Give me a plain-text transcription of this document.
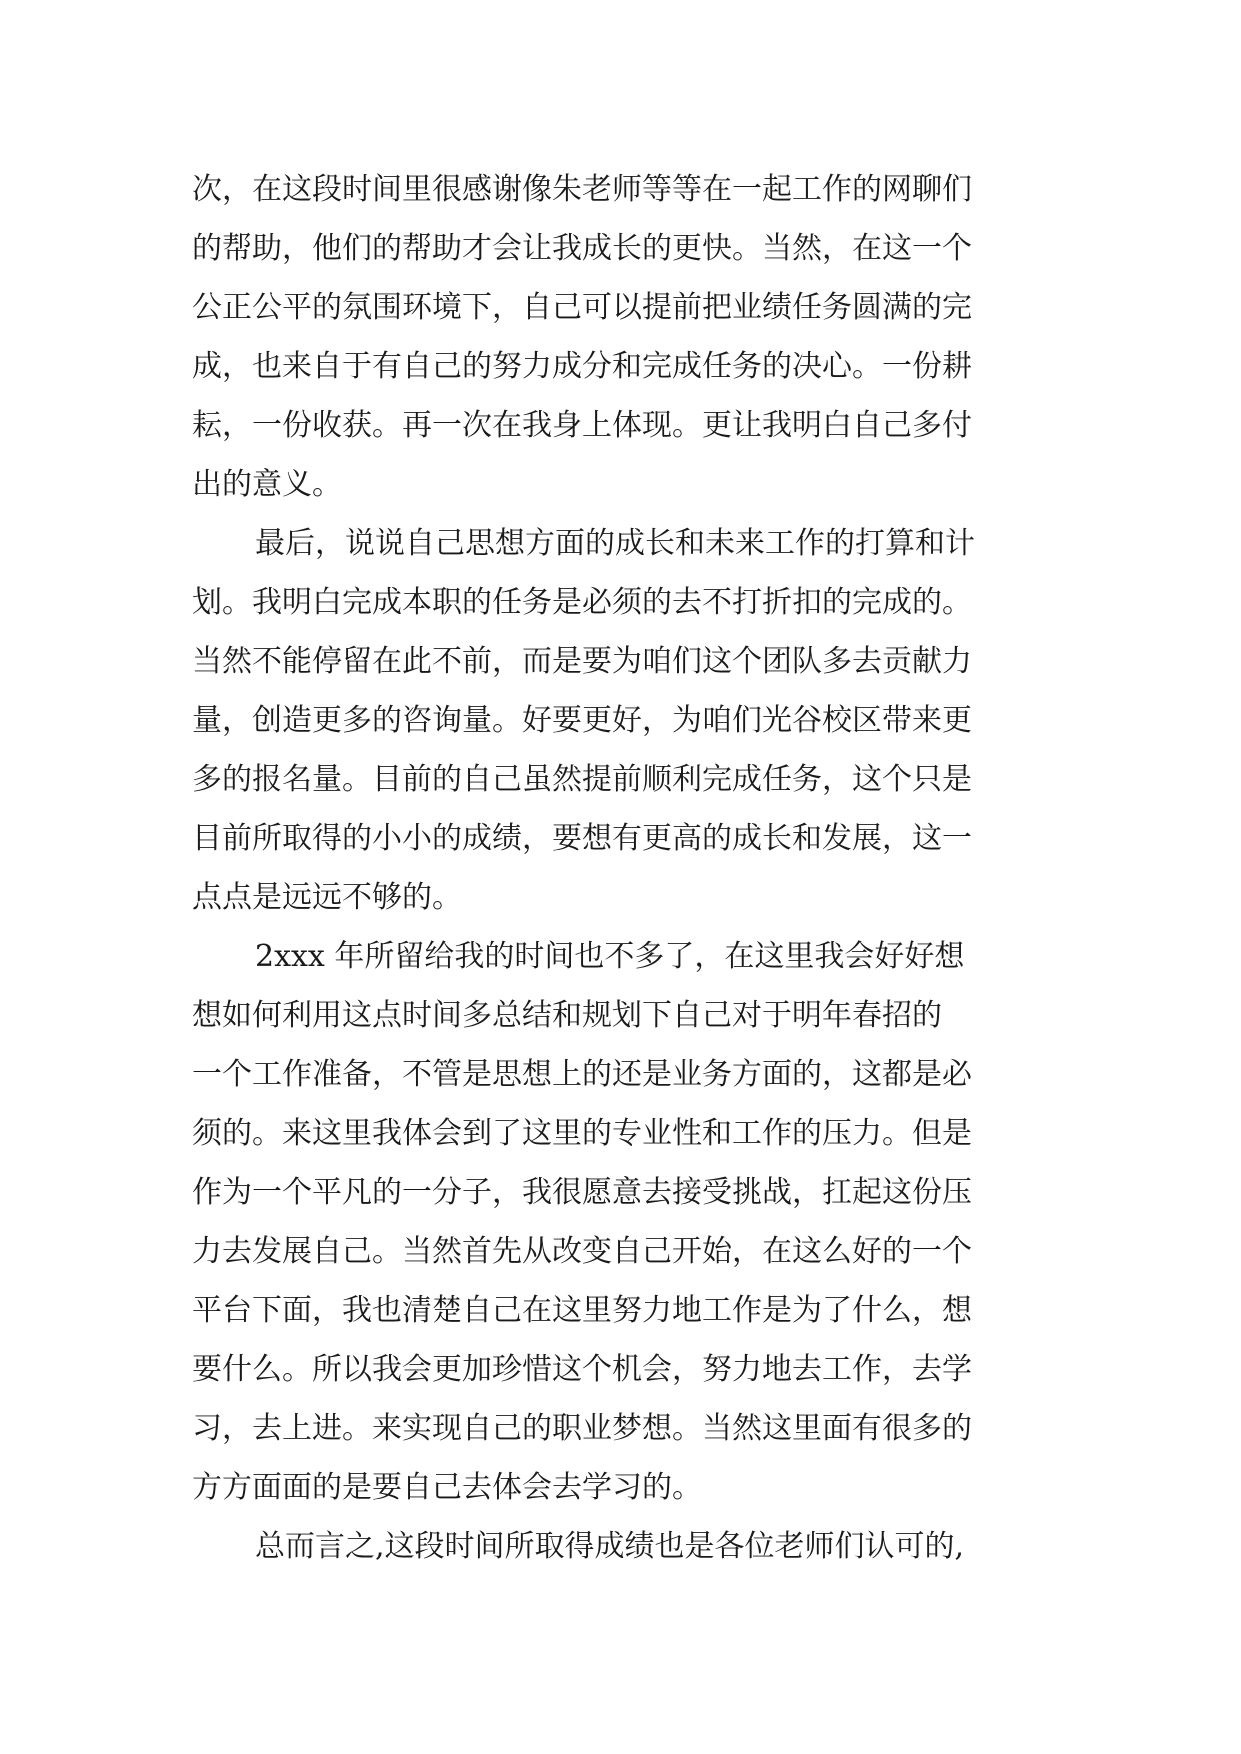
次，在这段时间里很感谢像朱老师等等在一起工作的网聊们
的帮助，他们的帮助才会让我成长的更快。当然，在这一个
公正公平的氛围环境下，自己可以提前把业绩任务圆满的完
成，也来自于有自己的努力成分和完成任务的决心。一份耕
耘，一份收获。再一次在我身上体现。更让我明白自己多付
出的意义。
最后，说说自己思想方面的成长和未来工作的打算和计
划。我明白完成本职的任务是必须的去不打折扣的完成的。
当然不能停留在此不前，而是要为咱们这个团队多去贡献力
量，创造更多的咨询量。好要更好，为咱们光谷校区带来更
多的报名量。目前的自己虽然提前顺利完成任务，这个只是
目前所取得的小小的成绩，要想有更高的成长和发展，这一
点点是远远不够的。
2xxx 年所留给我的时间也不多了，在这里我会好好想
想如何利用这点时间多总结和规划下自己对于明年春招的
一个工作准备，不管是思想上的还是业务方面的，这都是必
须的。来这里我体会到了这里的专业性和工作的压力。但是
作为一个平凡的一分子，我很愿意去接受挑战，扛起这份压
力去发展自己。当然首先从改变自己开始，在这么好的一个
平台下面，我也清楚自己在这里努力地工作是为了什么，想
要什么。所以我会更加珍惜这个机会，努力地去工作，去学
习，去上进。来实现自己的职业梦想。当然这里面有很多的
方方面面的是要自己去体会去学习的。
总而言之,这段时间所取得成绩也是各位老师们认可的,
